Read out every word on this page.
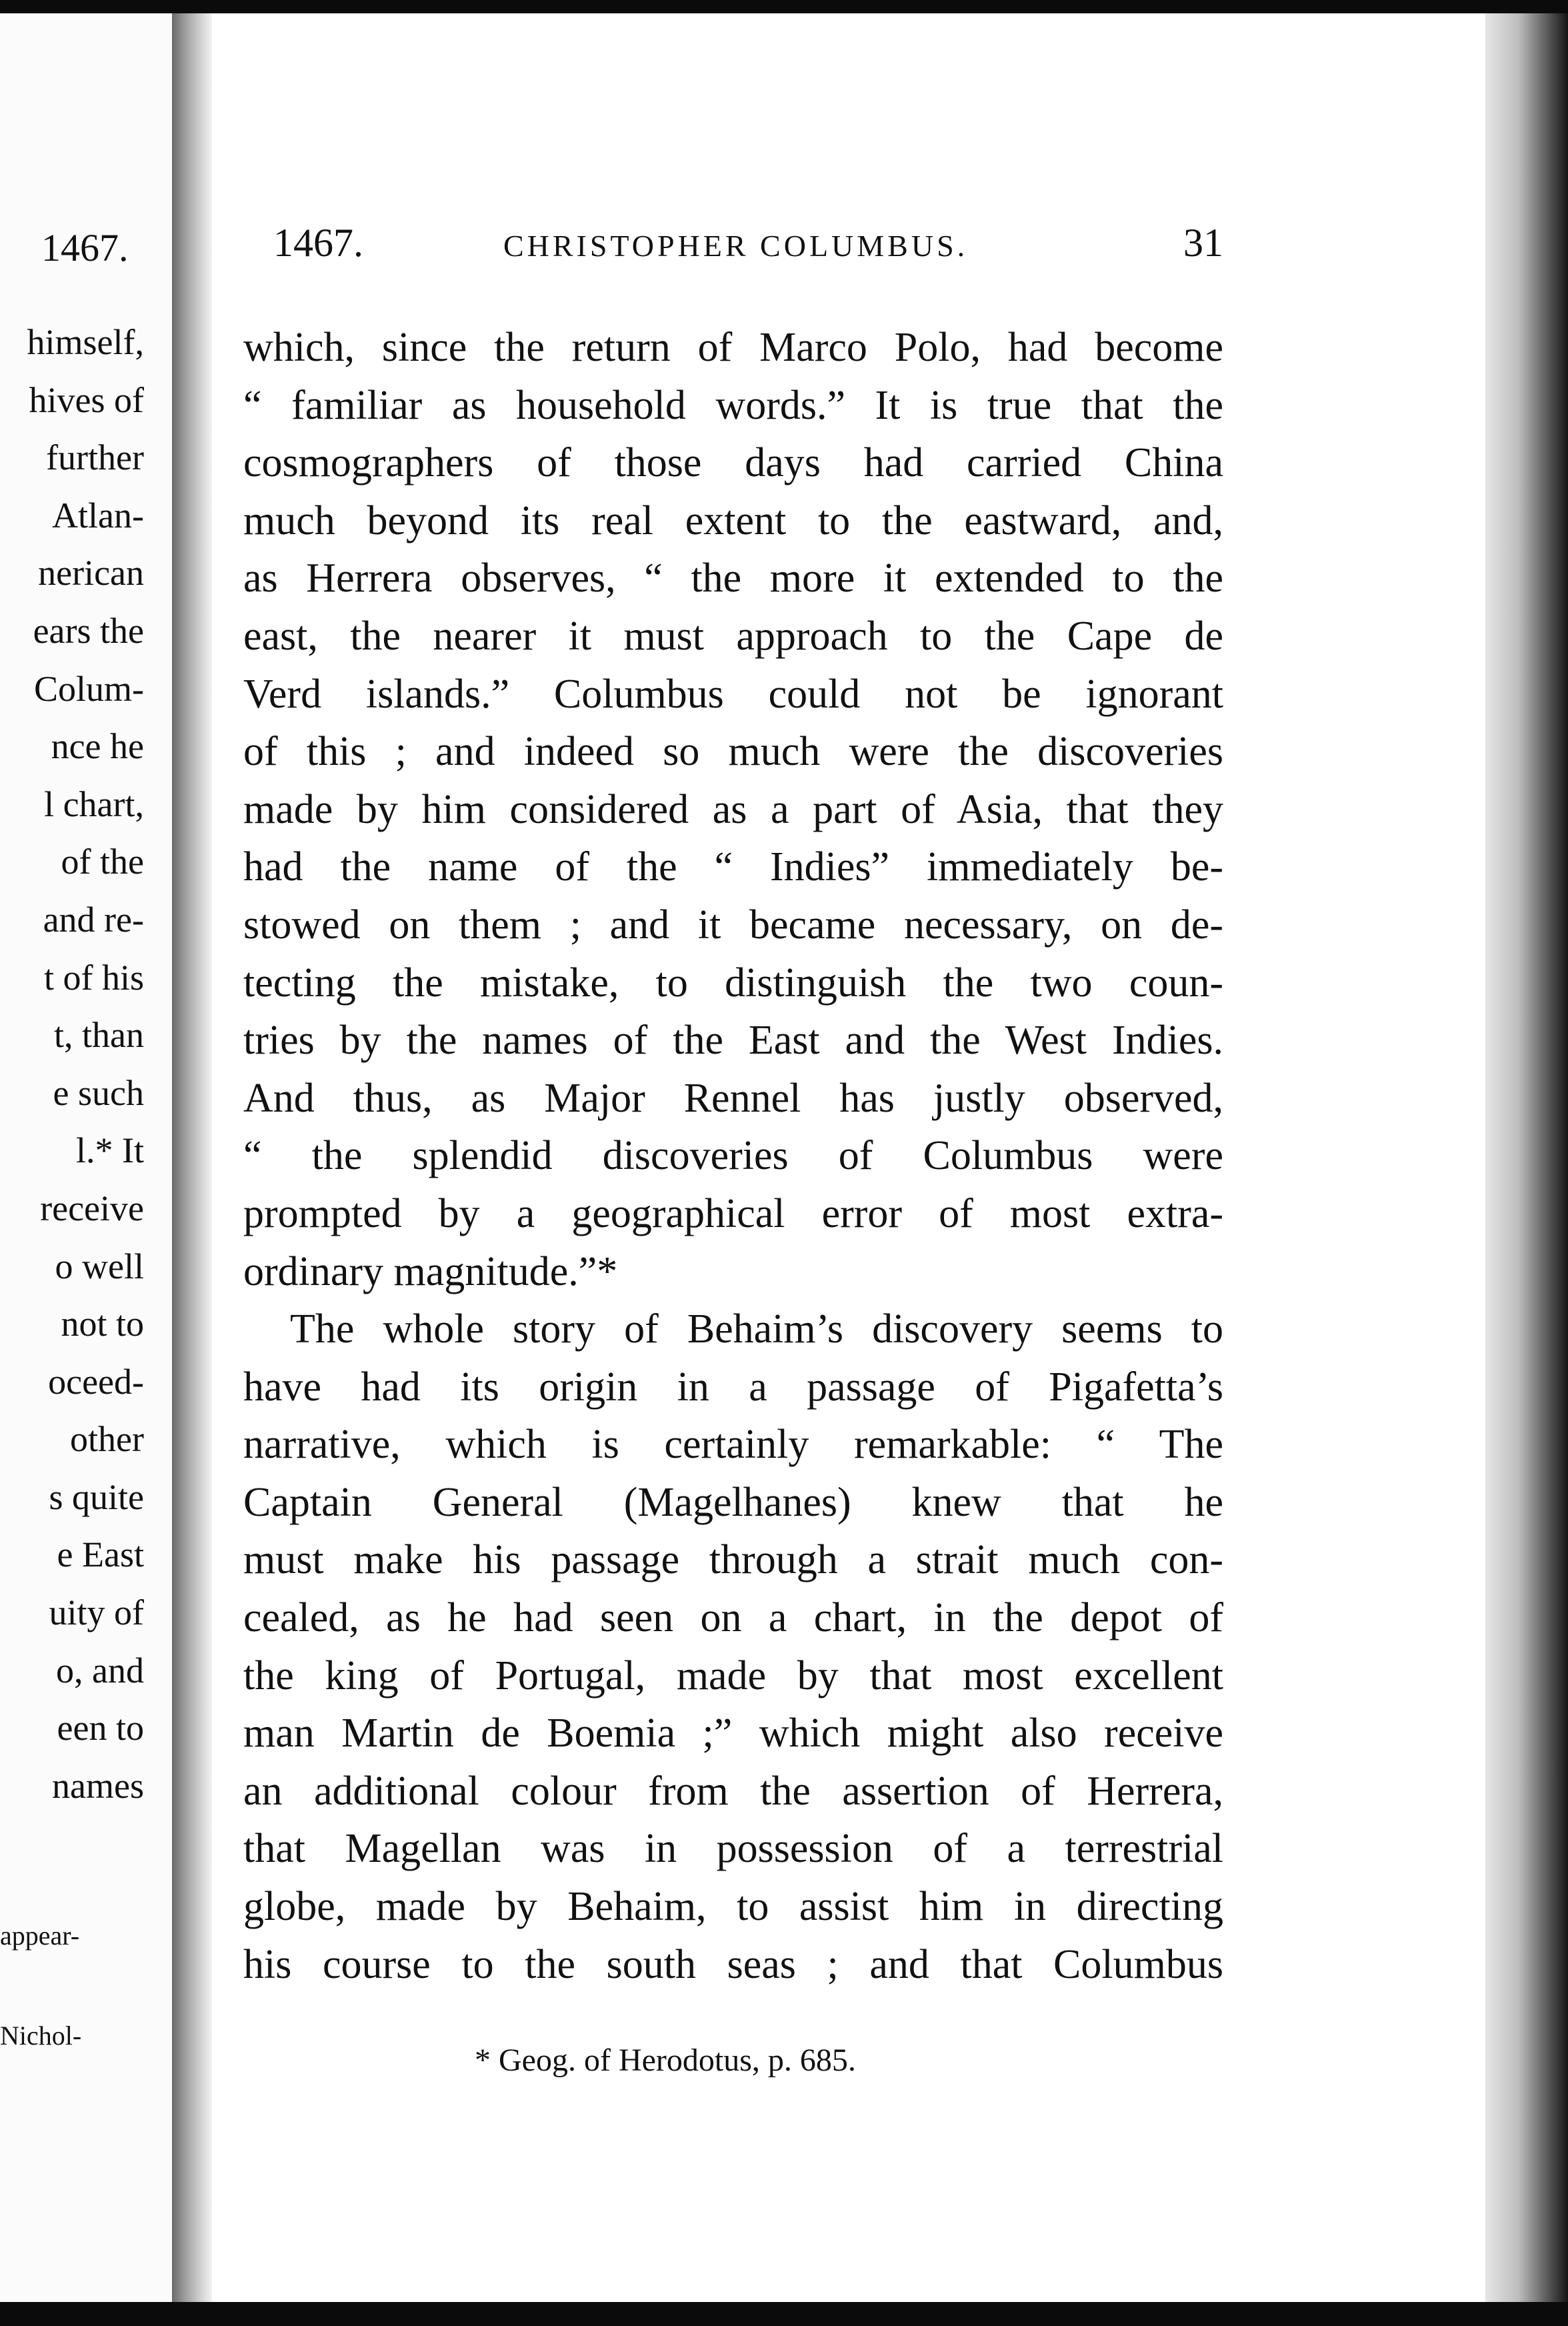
1467.
himself,
hives of
further
Atlan-
nerican
ears the
Colum-
nce he
l chart,
of the
and re-
t of his
t, than
e such
l.* It
receive
o well
not to
oceed-
other
s quite
e East
uity of
o, and
een to
names
appear-
Nichol-
1467.	CHRISTOPHER COLUMBUS.	31
which, since the return of Marco Polo, had become
“ familiar as household words.” It is true that the
cosmographers of those days had carried China
much beyond its real extent to the eastward, and,
as Herrera observes, “ the more it extended to the
east, the nearer it must approach to the Cape de
Verd islands.” Columbus could not be ignorant
of this ; and indeed so much were the discoveries
made by him considered as a part of Asia, that they
had the name of the “ Indies” immediately be-
stowed on them ; and it became necessary, on de-
tecting the mistake, to distinguish the two coun-
tries by the names of the East and the West Indies.
And thus, as Major Rennel has justly observed,
“ the splendid discoveries of Columbus were
prompted by a geographical error of most extra-
ordinary magnitude.”*
The whole story of Behaim’s discovery seems to
have had its origin in a passage of Pigafetta’s
narrative, which is certainly remarkable: “ The
Captain General (Magelhanes) knew that he
must make his passage through a strait much con-
cealed, as he had seen on a chart, in the depot of
the king of Portugal, made by that most excellent
man Martin de Boemia ;” which might also receive
an additional colour from the assertion of Herrera,
that Magellan was in possession of a terrestrial
globe, made by Behaim, to assist him in directing
his course to the south seas ; and that Columbus
* Geog. of Herodotus, p. 685.
